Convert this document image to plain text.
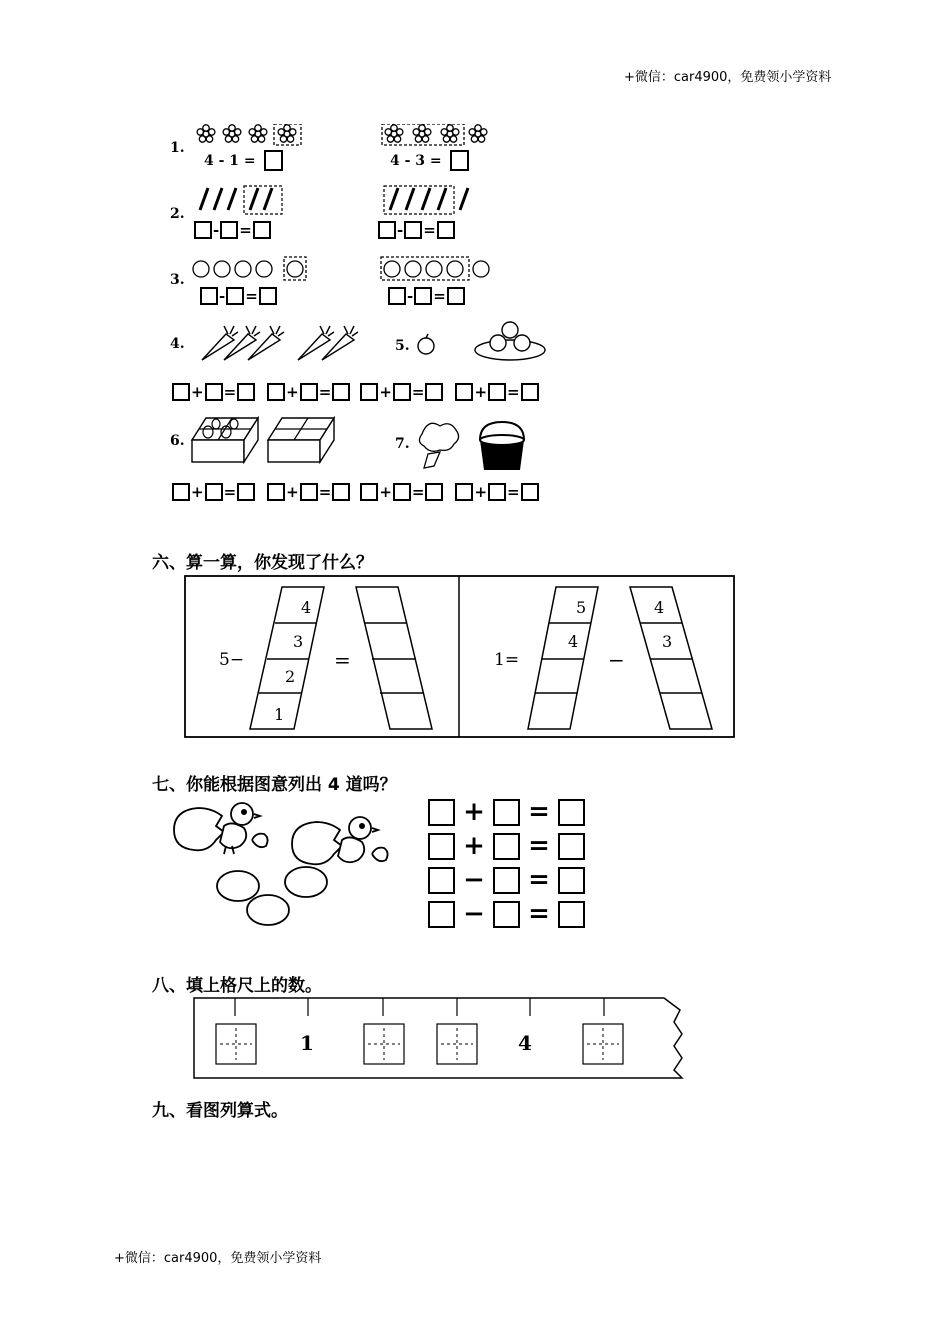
+微信：car4900，免费领小学资料
+微信：car4900，免费领小学资料
1.
4 - 1 =	4 - 3 =
2.
- =	- =
3.
- =	- =
4.	5.
+ =	+ =	+ =	+ =
6.	7.
+ =	+ =	+ =	+ =
六、算一算，你发现了什么？
5−	=
4
3
2
1
1=	−
5
4
4
3
七、你能根据图意列出 4 道吗？
+	=
+	=
−	=
−	=
八、填上格尺上的数。
1	4
九、看图列算式。
